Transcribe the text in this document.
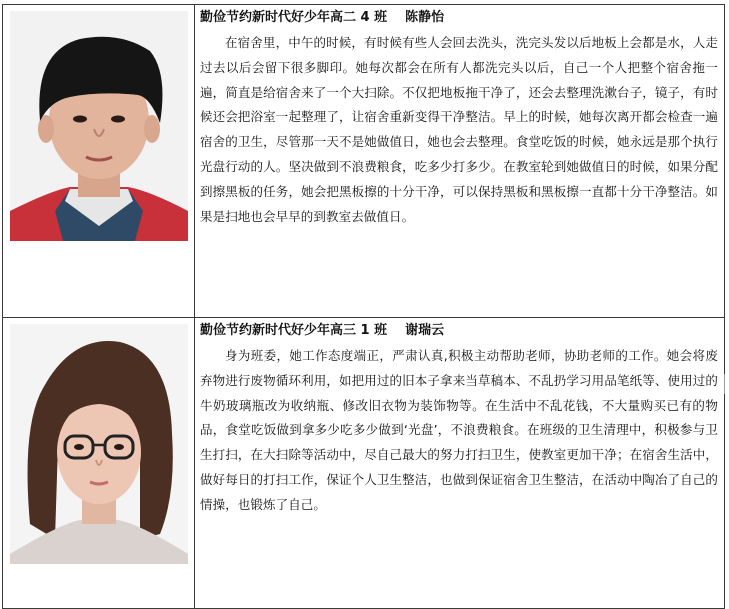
勤俭节约新时代好少年高二 4 班 陈静怡
在宿舍里，中午的时候，有时候有些人会回去洗头，洗完头发以后地板上会都是水，人走过去以后会留下很多脚印。她每次都会在所有人都洗完头以后，自己一个人把整个宿舍拖一遍，简直是给宿舍来了一个大扫除。不仅把地板拖干净了，还会去整理洗漱台子，镜子，有时候还会把浴室一起整理了，让宿舍重新变得干净整洁。早上的时候，她每次离开都会检查一遍宿舍的卫生，尽管那一天不是她做值日，她也会去整理。食堂吃饭的时候，她永远是那个执行光盘行动的人。坚决做到不浪费粮食，吃多少打多少。在教室轮到她做值日的时候，如果分配到擦黑板的任务，她会把黑板擦的十分干净，可以保持黑板和黑板擦一直都十分干净整洁。如果是扫地也会早早的到教室去做值日。

勤俭节约新时代好少年高三 1 班 谢瑞云
身为班委，她工作态度端正，严肃认真,积极主动帮助老师，协助老师的工作。她会将废弃物进行废物循环利用，如把用过的旧本子拿来当草稿本、不乱扔学习用品笔纸等、使用过的牛奶玻璃瓶改为收纳瓶、修改旧衣物为装饰物等。在生活中不乱花钱，不大量购买已有的物品，食堂吃饭做到拿多少吃多少做到‘光盘’，不浪费粮食。在班级的卫生清理中，积极参与卫生打扫，在大扫除等活动中，尽自己最大的努力打扫卫生，使教室更加干净；在宿舍生活中，做好每日的打扫工作，保证个人卫生整洁，也做到保证宿舍卫生整洁，在活动中陶冶了自己的情操，也锻炼了自己。
